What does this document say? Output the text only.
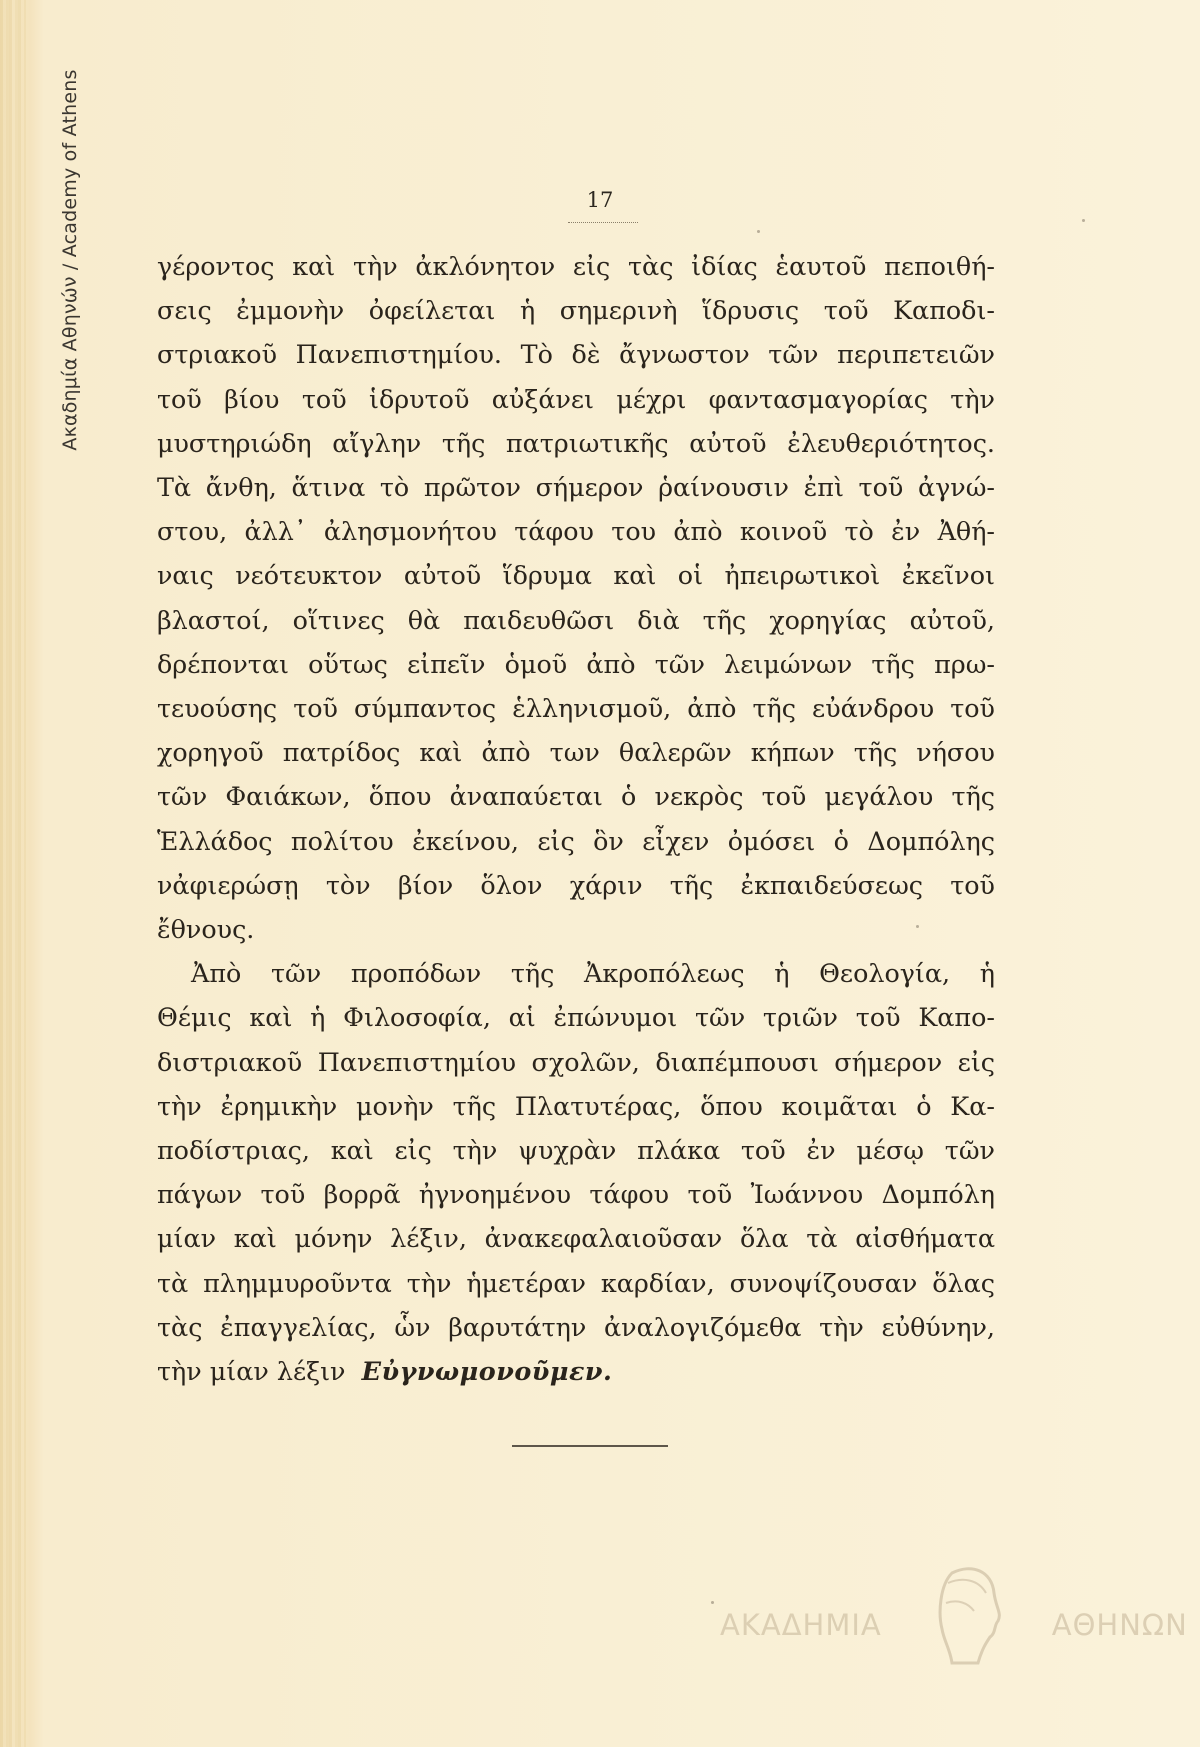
Ακαδημία Αθηνών / Academy of Athens	17
γέροντος καὶ τὴν ἀκλόνητον εἰς τὰς ἰδίας ἑαυτοῦ πεποιθή-
σεις ἐμμονὴν ὀφείλεται ἡ σημερινὴ ἵδρυσις τοῦ Καποδι-
στριακοῦ Πανεπιστημίου. Τὸ δὲ ἄγνωστον τῶν περιπετειῶν
τοῦ βίου τοῦ ἱδρυτοῦ αὐξάνει μέχρι φαντασμαγορίας τὴν
μυστηριώδη αἴγλην τῆς πατριωτικῆς αὐτοῦ ἐλευθεριότητος.
Τὰ ἄνθη, ἅτινα τὸ πρῶτον σήμερον ῥαίνουσιν ἐπὶ τοῦ ἀγνώ-
στου, ἀλλ᾽ ἀλησμονήτου τάφου του ἀπὸ κοινοῦ τὸ ἐν Ἀθή-
ναις νεότευκτον αὐτοῦ ἵδρυμα καὶ οἱ ἠπειρωτικοὶ ἐκεῖνοι
βλαστοί, οἵτινες θὰ παιδευθῶσι διὰ τῆς χορηγίας αὐτοῦ,
δρέπονται οὕτως εἰπεῖν ὁμοῦ ἀπὸ τῶν λειμώνων τῆς πρω-
τευούσης τοῦ σύμπαντος ἑλληνισμοῦ, ἀπὸ τῆς εὐάνδρου τοῦ
χορηγοῦ πατρίδος καὶ ἀπὸ των θαλερῶν κήπων τῆς νήσου
τῶν Φαιάκων, ὅπου ἀναπαύεται ὁ νεκρὸς τοῦ μεγάλου τῆς
Ἑλλάδος πολίτου ἐκείνου, εἰς ὃν εἶχεν ὀμόσει ὁ Δομπόλης
νἀφιερώσῃ τὸν βίον ὅλον χάριν τῆς ἐκπαιδεύσεως τοῦ
ἔθνους.
Ἀπὸ τῶν προπόδων τῆς Ἀκροπόλεως ἡ Θεολογία, ἡ
Θέμις καὶ ἡ Φιλοσοφία, αἱ ἐπώνυμοι τῶν τριῶν τοῦ Καπο-
διστριακοῦ Πανεπιστημίου σχολῶν, διαπέμπουσι σήμερον εἰς
τὴν ἐρημικὴν μονὴν τῆς Πλατυτέρας, ὅπου κοιμᾶται ὁ Κα-
ποδίστριας, καὶ εἰς τὴν ψυχρὰν πλάκα τοῦ ἐν μέσῳ τῶν
πάγων τοῦ βορρᾶ ἠγνοημένου τάφου τοῦ Ἰωάννου Δομπόλη
μίαν καὶ μόνην λέξιν, ἀνακεφαλαιοῦσαν ὅλα τὰ αἰσθήματα
τὰ πλημμυροῦντα τὴν ἡμετέραν καρδίαν, συνοψίζουσαν ὅλας
τὰς ἐπαγγελίας, ὧν βαρυτάτην ἀναλογιζόμεθα τὴν εὐθύνην,
τὴν μίαν λέξιν Εὐγνωμονοῦμεν.
ΑΚΑΔΗΜΙΑ	ΑΘΗΝΩΝ
